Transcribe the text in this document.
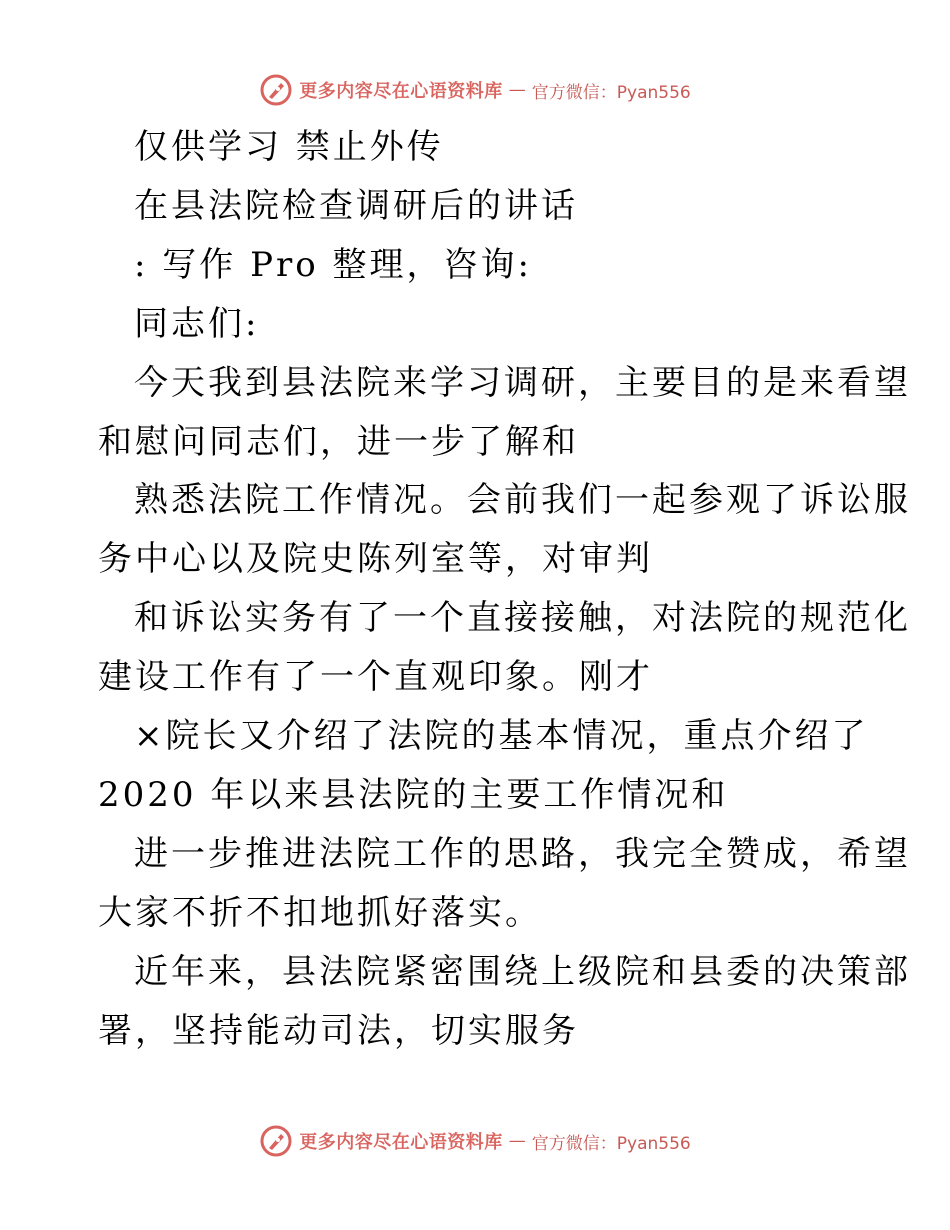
更多内容尽在心语资料库 — 官方微信：Pyan556
仅供学习 禁止外传
在县法院检查调研后的讲话
: 写作 Pro 整理，咨询:
同志们:
今天我到县法院来学习调研，主要目的是来看望
和慰问同志们，进一步了解和
熟悉法院工作情况。会前我们一起参观了诉讼服
务中心以及院史陈列室等，对审判
和诉讼实务有了一个直接接触，对法院的规范化
建设工作有了一个直观印象。刚才
×院长又介绍了法院的基本情况，重点介绍了
2020 年以来县法院的主要工作情况和
进一步推进法院工作的思路，我完全赞成，希望
大家不折不扣地抓好落实。
近年来，县法院紧密围绕上级院和县委的决策部
署，坚持能动司法，切实服务
更多内容尽在心语资料库 — 官方微信：Pyan556
